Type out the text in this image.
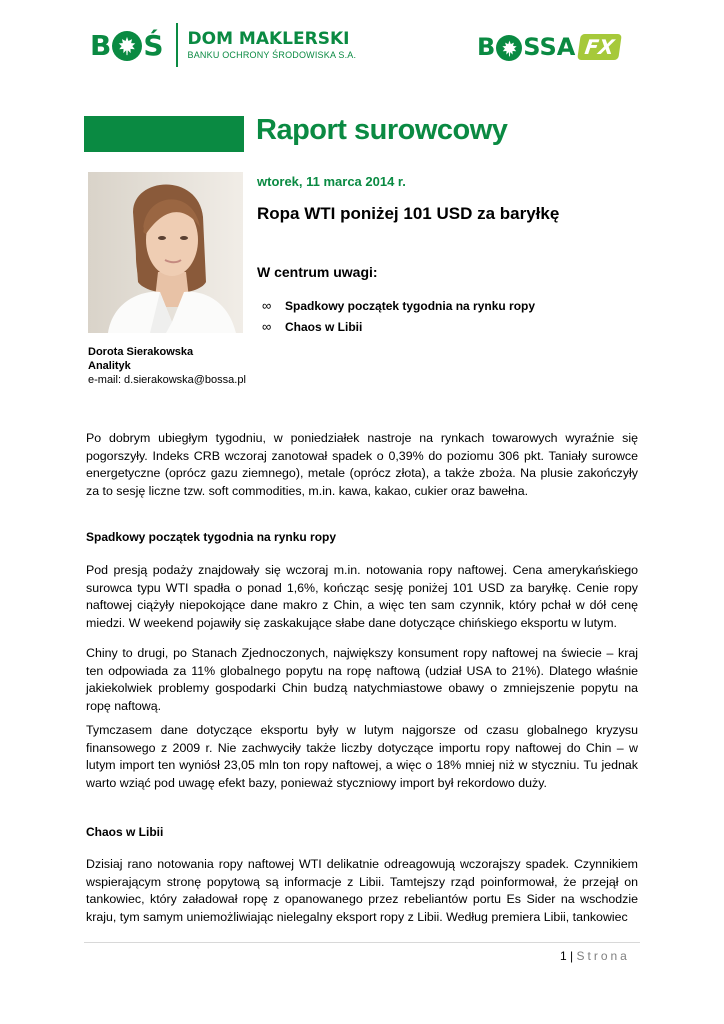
B Ś DOM MAKLERSKI
BANKU OCHRONY ŚRODOWISKA S.A.	B SSA FX
Raport surowcowy
wtorek, 11 marca 2014 r.
Ropa WTI poniżej 101 USD za baryłkę
W centrum uwagi:
∞	Spadkowy początek tygodnia na rynku ropy
∞	Chaos w Libii
Dorota Sierakowska
Analityk
e-mail: d.sierakowska@bossa.pl
Po dobrym ubiegłym tygodniu, w poniedziałek nastroje na rynkach towarowych wyraźnie się pogorszyły. Indeks CRB wczoraj zanotował spadek o 0,39% do poziomu 306 pkt. Taniały surowce energetyczne (oprócz gazu ziemnego), metale (oprócz złota), a także zboża. Na plusie zakończyły za to sesję liczne tzw. soft commodities, m.in. kawa, kakao, cukier oraz bawełna.
Spadkowy początek tygodnia na rynku ropy
Pod presją podaży znajdowały się wczoraj m.in. notowania ropy naftowej. Cena amerykańskiego surowca typu WTI spadła o ponad 1,6%, kończąc sesję poniżej 101 USD za baryłkę. Cenie ropy naftowej ciążyły niepokojące dane makro z Chin, a więc ten sam czynnik, który pchał w dół cenę miedzi. W weekend pojawiły się zaskakujące słabe dane dotyczące chińskiego eksportu w lutym.
Chiny to drugi, po Stanach Zjednoczonych, największy konsument ropy naftowej na świecie – kraj ten odpowiada za 11% globalnego popytu na ropę naftową (udział USA to 21%). Dlatego właśnie jakiekolwiek problemy gospodarki Chin budzą natychmiastowe obawy o zmniejszenie popytu na ropę naftową.
Tymczasem dane dotyczące eksportu były w lutym najgorsze od czasu globalnego kryzysu finansowego z 2009 r. Nie zachwyciły także liczby dotyczące importu ropy naftowej do Chin – w lutym import ten wyniósł 23,05 mln ton ropy naftowej, a więc o 18% mniej niż w styczniu. Tu jednak warto wziąć pod uwagę efekt bazy, ponieważ styczniowy import był rekordowo duży.
Chaos w Libii
Dzisiaj rano notowania ropy naftowej WTI delikatnie odreagowują wczorajszy spadek. Czynnikiem wspierającym stronę popytową są informacje z Libii. Tamtejszy rząd poinformował, że przejął on tankowiec, który załadował ropę z opanowanego przez rebeliantów portu Es Sider na wschodzie kraju, tym samym uniemożliwiając nielegalny eksport ropy z Libii. Według premiera Libii, tankowiec
1 | Strona
